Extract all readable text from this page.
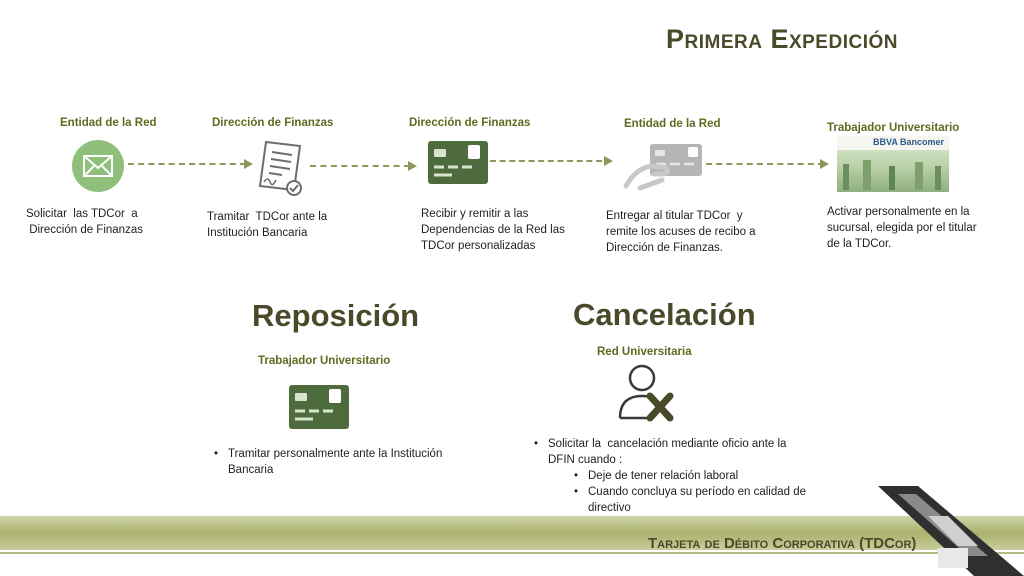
Primera Expedición
Entidad de la Red
Solicitar  las TDCor  a
Dirección de Finanzas
Dirección de Finanzas
Tramitar  TDCor ante la
Institución Bancaria
Dirección de Finanzas
Recibir y remitir a las
Dependencias de la Red las
TDCor personalizadas
Entidad de la Red
Entregar al titular TDCor  y
remite los acuses de recibo a
Dirección de Finanzas.
Trabajador Universitario
BBVA Bancomer
Activar personalmente en la
sucursal, elegida por el titular
de la TDCor.
Reposición
Trabajador Universitario
• Tramitar personalmente ante la Institución
Bancaria
Cancelación
Red Universitaria
• Solicitar la  cancelación mediante oficio ante la
DFIN cuando :
• Deje de tener relación laboral
• Cuando concluya su período en calidad de
directivo
•
Tarjeta de Débito Corporativa (TDCor)
